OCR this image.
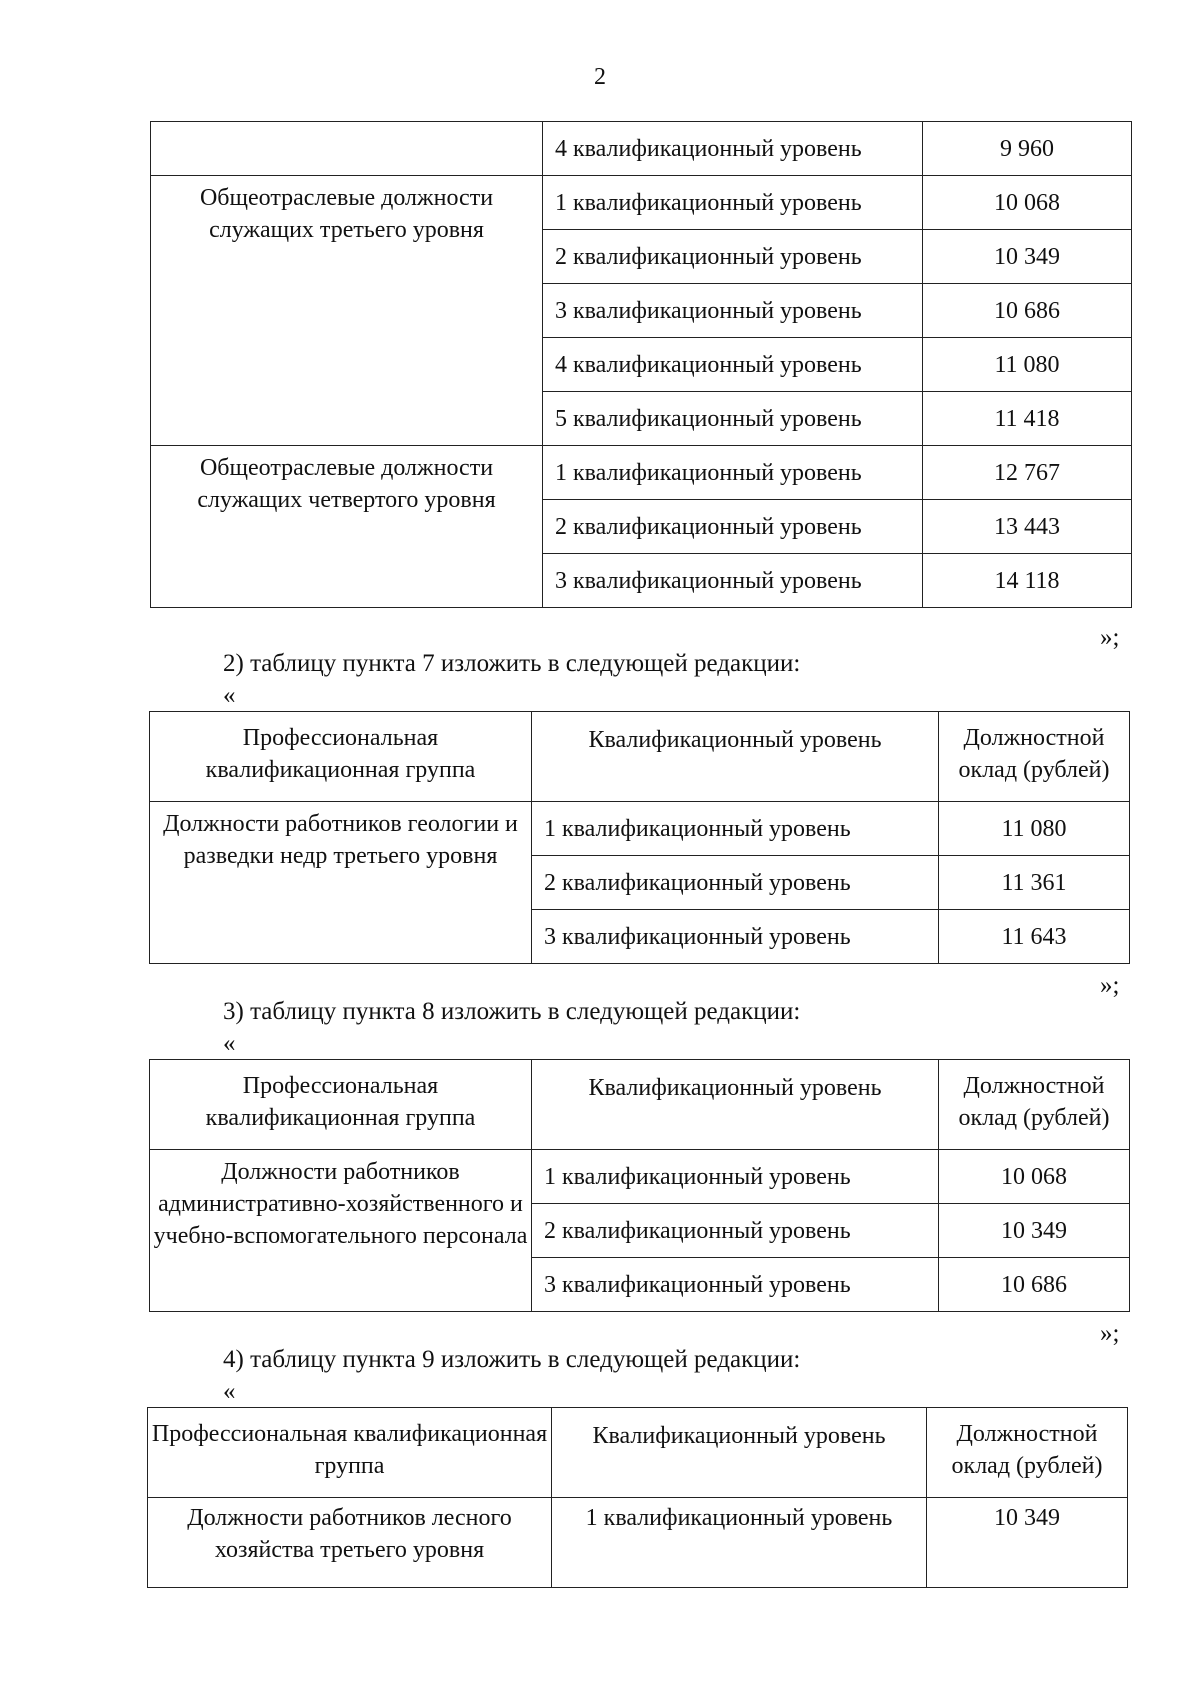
2
	4 квалификационный уровень	9 960
Общеотраслевые должности служащих третьего уровня	1 квалификационный уровень	10 068
	2 квалификационный уровень	10 349
	3 квалификационный уровень	10 686
	4 квалификационный уровень	11 080
	5 квалификационный уровень	11 418
Общеотраслевые должности служащих четвертого уровня	1 квалификационный уровень	12 767
	2 квалификационный уровень	13 443
	3 квалификационный уровень	14 118
»;
2) таблицу пункта 7 изложить в следующей редакции:
«
Профессиональная квалификационная группа	Квалификационный уровень	Должностной оклад (рублей)
Должности работников геологии и разведки недр третьего уровня	1 квалификационный уровень	11 080
	2 квалификационный уровень	11 361
	3 квалификационный уровень	11 643
»;
3) таблицу пункта 8 изложить в следующей редакции:
«
Профессиональная квалификационная группа	Квалификационный уровень	Должностной оклад (рублей)
Должности работников административно-хозяйственного и учебно-вспомогательного персонала	1 квалификационный уровень	10 068
	2 квалификационный уровень	10 349
	3 квалификационный уровень	10 686
»;
4) таблицу пункта 9 изложить в следующей редакции:
«
Профессиональная квалификационная группа	Квалификационный уровень	Должностной оклад (рублей)
Должности работников лесного хозяйства третьего уровня	1 квалификационный уровень	10 349
